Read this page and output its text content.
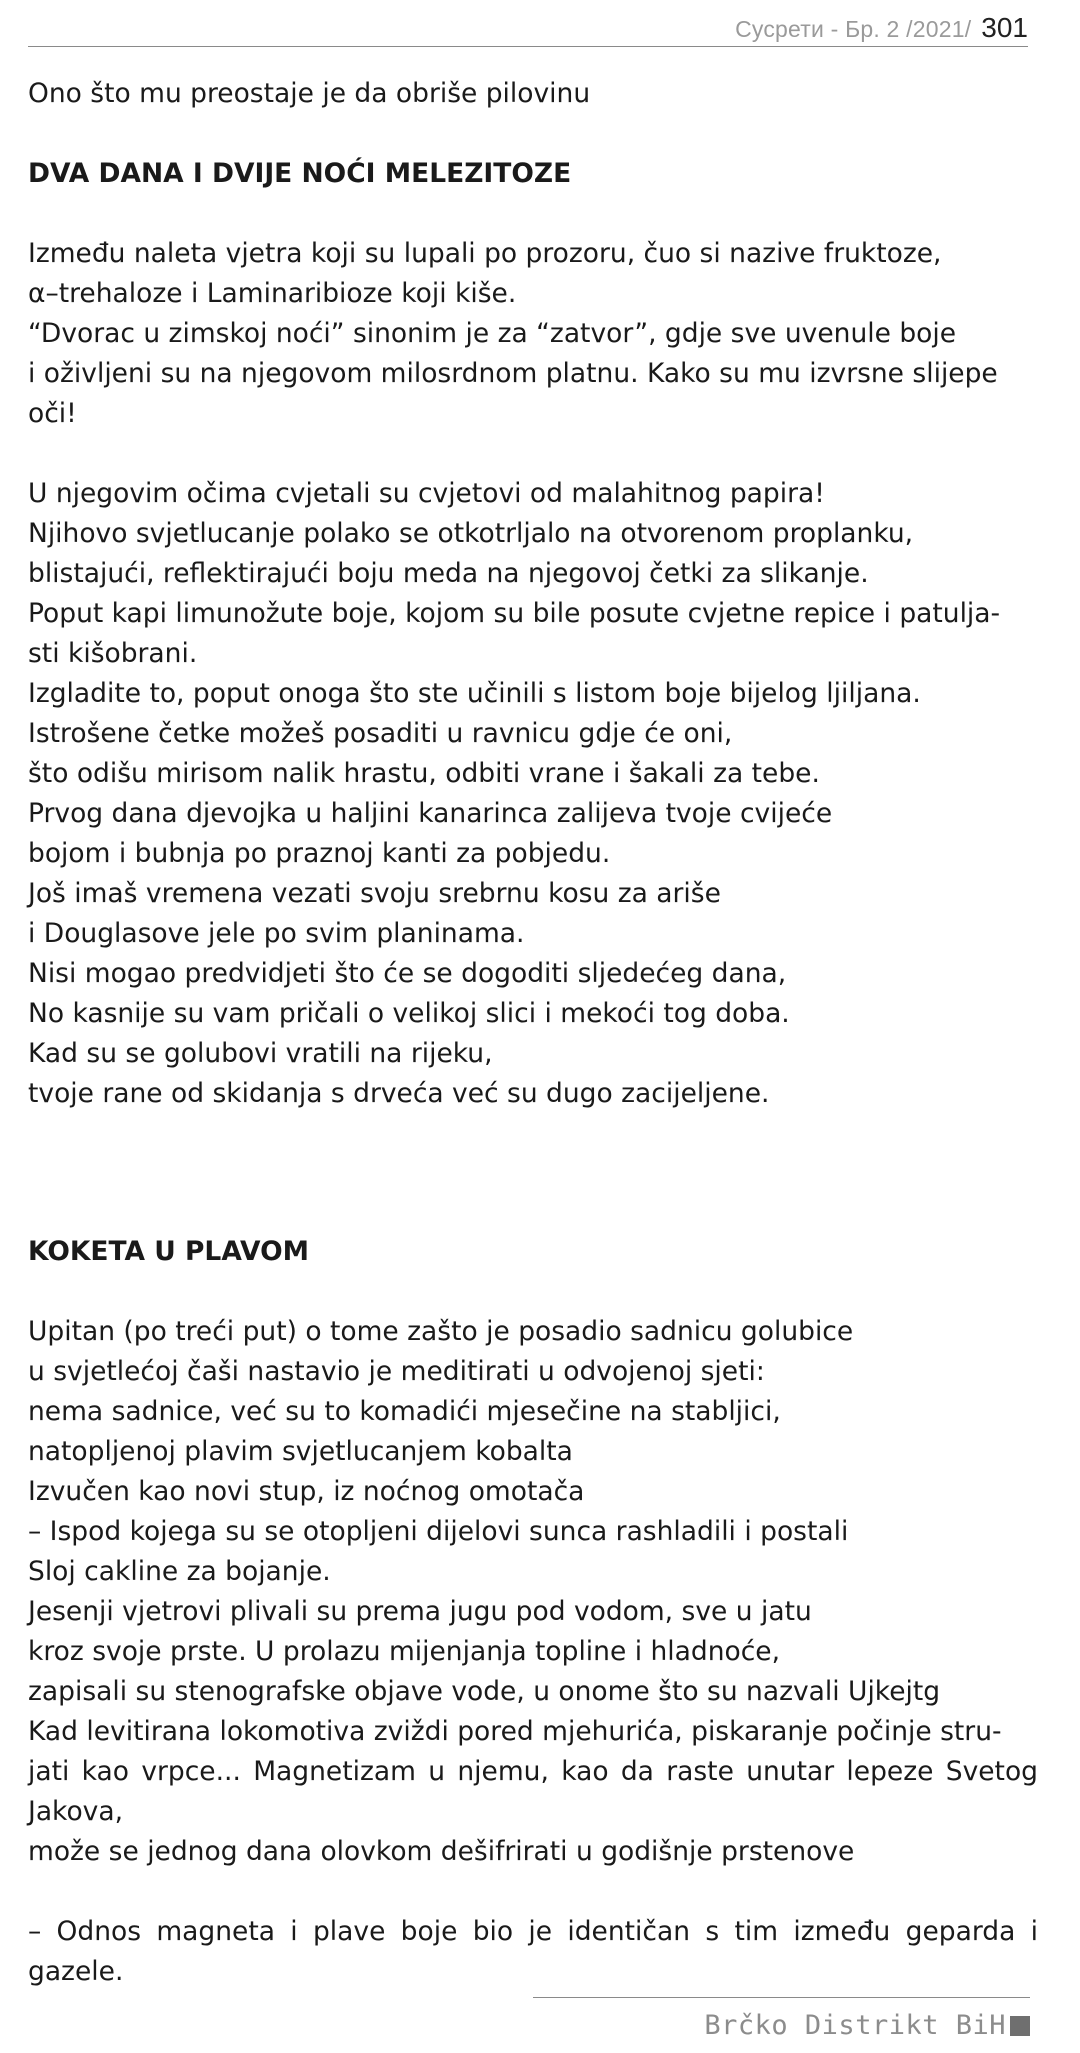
Сусрети - Бр. 2 /2021/ 301
Ono što mu preostaje je da obriše pilovinu
DVA DANA I DVIJE NOĆI MELEZITOZE
Između naleta vjetra koji su lupali po prozoru, čuo si nazive fruktoze,
α–trehaloze i Laminaribioze koji kiše.
“Dvorac u zimskoj noći” sinonim je za “zatvor”, gdje sve uvenule boje
i oživljeni su na njegovom milosrdnom platnu. Kako su mu izvrsne slijepe
oči!
U njegovim očima cvjetali su cvjetovi od malahitnog papira!
Njihovo svjetlucanje polako se otkotrljalo na otvorenom proplanku,
blistajući, reflektirajući boju meda na njegovoj četki za slikanje.
Poput kapi limunožute boje, kojom su bile posute cvjetne repice i patulja-
sti kišobrani.
Izgladite to, poput onoga što ste učinili s listom boje bijelog ljiljana.
Istrošene četke možeš posaditi u ravnicu gdje će oni,
što odišu mirisom nalik hrastu, odbiti vrane i šakali za tebe.
Prvog dana djevojka u haljini kanarinca zalijeva tvoje cvijeće
bojom i bubnja po praznoj kanti za pobjedu.
Još imaš vremena vezati svoju srebrnu kosu za ariše
i Douglasove jele po svim planinama.
Nisi mogao predvidjeti što će se dogoditi sljedećeg dana,
No kasnije su vam pričali o velikoj slici i mekoći tog doba.
Kad su se golubovi vratili na rijeku,
tvoje rane od skidanja s drveća već su dugo zacijeljene.
KOKETA U PLAVOM
Upitan (po treći put) o tome zašto je posadio sadnicu golubice
u svjetlećoj čaši nastavio je meditirati u odvojenoj sjeti:
nema sadnice, već su to komadići mjesečine na stabljici,
natopljenoj plavim svjetlucanjem kobalta
Izvučen kao novi stup, iz noćnog omotača
– Ispod kojega su se otopljeni dijelovi sunca rashladili i postali
Sloj cakline za bojanje.
Jesenji vjetrovi plivali su prema jugu pod vodom, sve u jatu
kroz svoje prste. U prolazu mijenjanja topline i hladnoće,
zapisali su stenografske objave vode, u onome što su nazvali Ujkejtg
Kad levitirana lokomotiva zviždi pored mjehurića, piskaranje počinje stru-
jati kao vrpce... Magnetizam u njemu, kao da raste unutar lepeze Svetog
Jakova,
može se jednog dana olovkom dešifrirati u godišnje prstenove
– Odnos magneta i plave boje bio je identičan s tim između geparda i
gazele.
Brčko Distrikt BiH
